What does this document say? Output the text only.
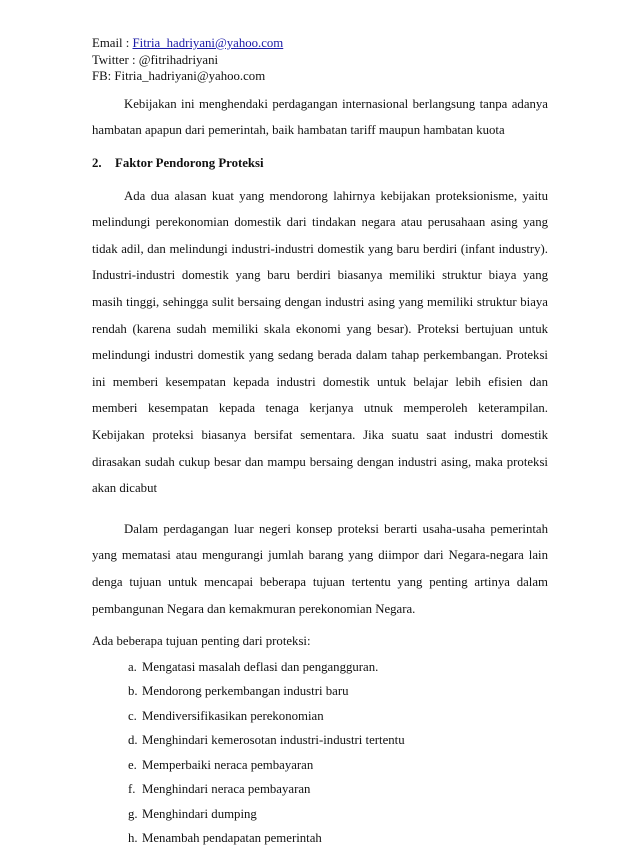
Email : Fitria_hadriyani@yahoo.com
Twitter : @fitrihadriyani
FB: Fitria_hadriyani@yahoo.com

Kebijakan ini menghendaki perdagangan internasional berlangsung tanpa adanya hambatan apapun dari pemerintah, baik hambatan tariff maupun hambatan kuota

2.	Faktor Pendorong Proteksi

Ada dua alasan kuat yang mendorong lahirnya kebijakan proteksionisme, yaitu melindungi perekonomian domestik dari tindakan negara atau perusahaan asing yang tidak adil, dan melindungi industri-industri domestik yang baru berdiri (infant industry). Industri-industri domestik yang baru berdiri biasanya memiliki struktur biaya yang masih tinggi, sehingga sulit bersaing dengan industri asing yang memiliki struktur biaya rendah (karena sudah memiliki skala ekonomi yang besar). Proteksi bertujuan untuk melindungi industri domestik yang sedang berada dalam tahap perkembangan. Proteksi ini memberi kesempatan kepada industri domestik untuk belajar lebih efisien dan memberi kesempatan kepada tenaga kerjanya utnuk memperoleh keterampilan. Kebijakan proteksi biasanya bersifat sementara. Jika suatu saat industri domestik dirasakan sudah cukup besar dan mampu bersaing dengan industri asing, maka proteksi akan dicabut

Dalam perdagangan luar negeri konsep proteksi berarti usaha-usaha pemerintah yang mematasi atau mengurangi jumlah barang yang diimpor dari Negara-negara lain denga tujuan untuk mencapai beberapa tujuan tertentu yang penting artinya dalam pembangunan Negara dan kemakmuran perekonomian Negara.

Ada beberapa tujuan penting dari proteksi:

a. Mengatasi masalah deflasi dan pengangguran.
b. Mendorong perkembangan industri baru
c. Mendiversifikasikan perekonomian
d. Menghindari kemerosotan industri-industri tertentu
e. Memperbaiki neraca pembayaran
f. Menghindari neraca pembayaran
g. Menghindari dumping
h. Menambah pendapatan pemerintah
